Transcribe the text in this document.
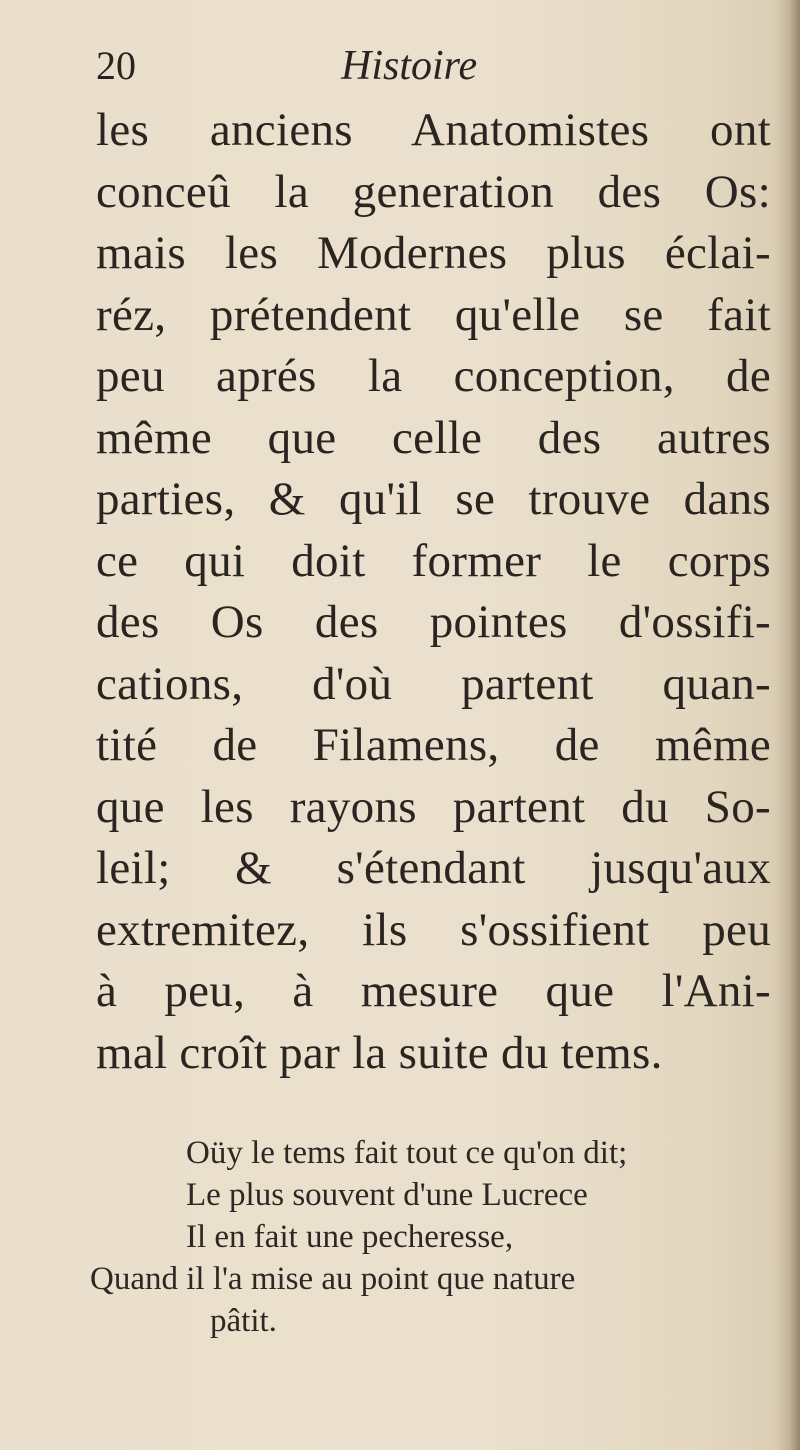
20	Histoire
les anciens Anatomistes ont
conceû la generation des Os:
mais les Modernes plus éclai-
réz, prétendent qu'elle se fait
peu aprés la conception, de
même que celle des autres
parties, & qu'il se trouve dans
ce qui doit former le corps
des Os des pointes d'ossifi-
cations, d'où partent quan-
tité de Filamens, de même
que les rayons partent du So-
leil; & s'étendant jusqu'aux
extremitez, ils s'ossifient peu
à peu, à mesure que l'Ani-
mal croît par la suite du tems.
Oüy le tems fait tout ce qu'on dit;
Le plus souvent d'une Lucrece
Il en fait une pecheresse,
Quand il l'a mise au point que nature
pâtit.
